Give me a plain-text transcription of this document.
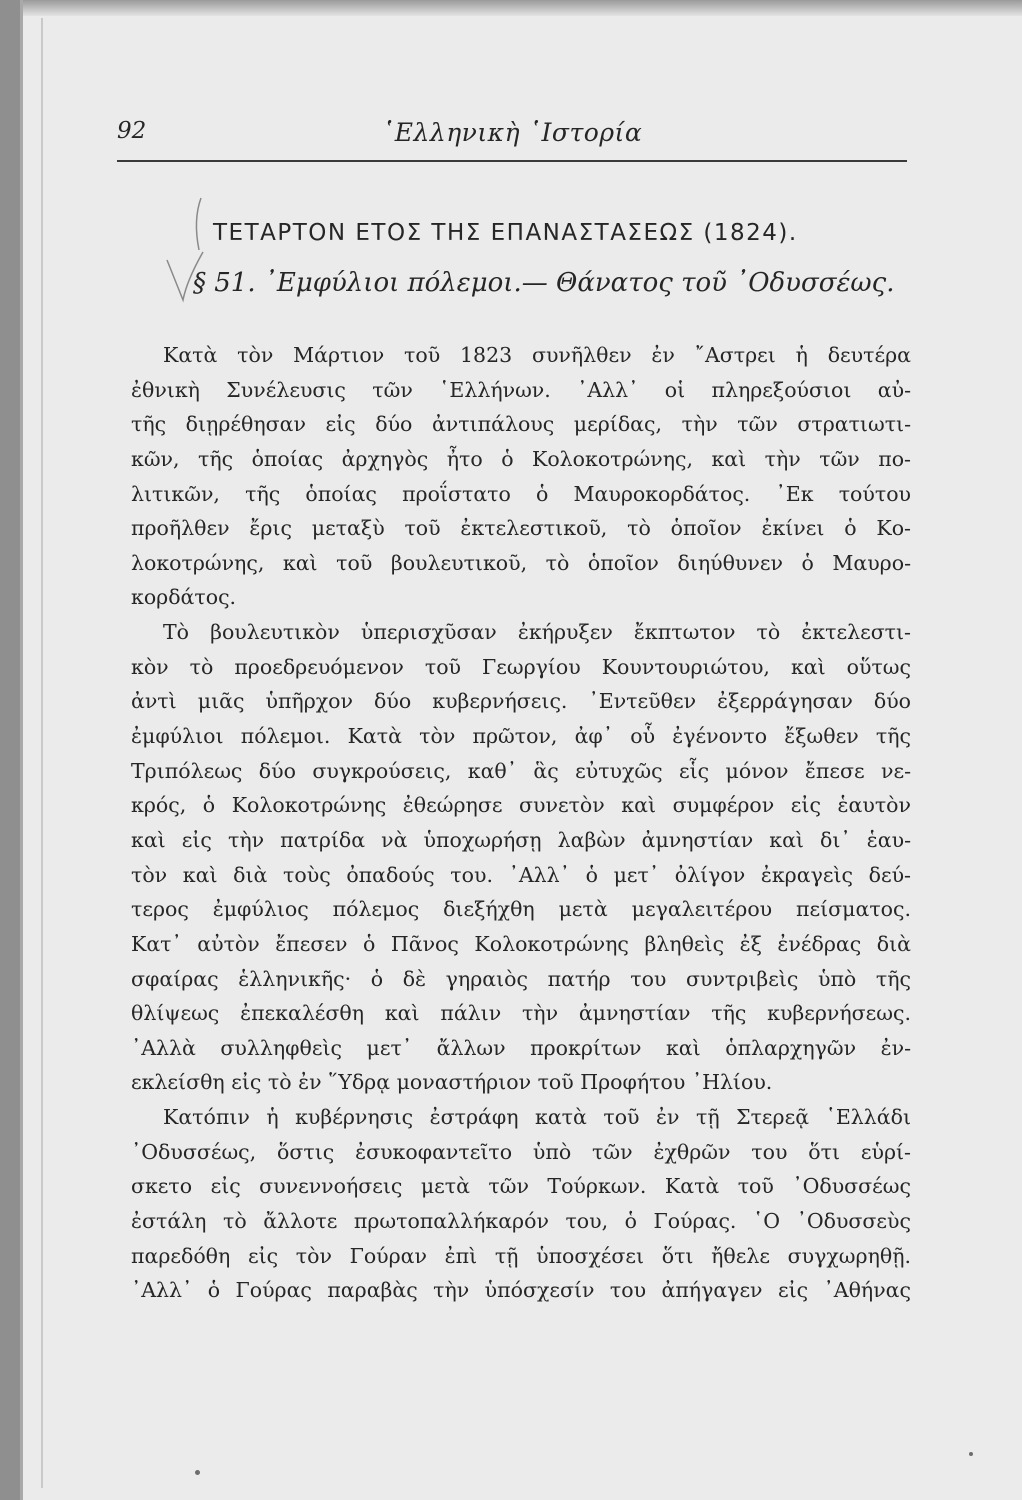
92	῾Ελληνικὴ ῾Ιστορία
ΤΕΤΑΡΤΟΝ ΕΤΟΣ ΤΗΣ ΕΠΑΝΑΣΤΑΣΕΩΣ (1824).
§ 51. ᾿Εμφύλιοι πόλεμοι.— Θάνατος τοῦ ᾿Οδυσσέως.
Κατὰ τὸν Μάρτιον τοῦ 1823 συνῆλθεν ἐν ῎Αστρει ἡ δευτέρα
ἐθνικὴ Συνέλευσις τῶν ῾Ελλήνων. ᾿Αλλ᾿ οἱ πληρεξούσιοι αὐ-
τῆς διῃρέθησαν εἰς δύο ἀντιπάλους μερίδας, τὴν τῶν στρατιωτι-
κῶν, τῆς ὁποίας ἀρχηγὸς ἦτο ὁ Κολοκοτρώνης, καὶ τὴν τῶν πο-
λιτικῶν, τῆς ὁποίας προΐστατο ὁ Μαυροκορδάτος. ᾿Εκ τούτου
προῆλθεν ἔρις μεταξὺ τοῦ ἐκτελεστικοῦ, τὸ ὁποῖον ἐκίνει ὁ Κο-
λοκοτρώνης, καὶ τοῦ βουλευτικοῦ, τὸ ὁποῖον διηύθυνεν ὁ Μαυρο-
κορδάτος.
Τὸ βουλευτικὸν ὑπερισχῦσαν ἐκήρυξεν ἔκπτωτον τὸ ἐκτελεστι-
κὸν τὸ προεδρευόμενον τοῦ Γεωργίου Κουντουριώτου, καὶ οὕτως
ἀντὶ μιᾶς ὑπῆρχον δύο κυβερνήσεις. ᾿Εντεῦθεν ἐξερράγησαν δύο
ἐμφύλιοι πόλεμοι. Κατὰ τὸν πρῶτον, ἀφ᾿ οὗ ἐγένοντο ἔξωθεν τῆς
Τριπόλεως δύο συγκρούσεις, καθ᾿ ἃς εὐτυχῶς εἷς μόνον ἔπεσε νε-
κρός, ὁ Κολοκοτρώνης ἐθεώρησε συνετὸν καὶ συμφέρον εἰς ἑαυτὸν
καὶ εἰς τὴν πατρίδα νὰ ὑποχωρήσῃ λαβὼν ἀμνηστίαν καὶ δι᾿ ἑαυ-
τὸν καὶ διὰ τοὺς ὀπαδούς του. ᾿Αλλ᾿ ὁ μετ᾿ ὀλίγον ἐκραγεὶς δεύ-
τερος ἐμφύλιος πόλεμος διεξήχθη μετὰ μεγαλειτέρου πείσματος.
Κατ᾿ αὐτὸν ἔπεσεν ὁ Πᾶνος Κολοκοτρώνης βληθεὶς ἐξ ἐνέδρας διὰ
σφαίρας ἑλληνικῆς· ὁ δὲ γηραιὸς πατήρ του συντριβεὶς ὑπὸ τῆς
θλίψεως ἐπεκαλέσθη καὶ πάλιν τὴν ἀμνηστίαν τῆς κυβερνήσεως.
᾿Αλλὰ συλληφθεὶς μετ᾿ ἄλλων προκρίτων καὶ ὁπλαρχηγῶν ἐν-
εκλείσθη εἰς τὸ ἐν ῞Υδρᾳ μοναστήριον τοῦ Προφήτου ᾿Ηλίου.
Κατόπιν ἡ κυβέρνησις ἐστράφη κατὰ τοῦ ἐν τῇ Στερεᾷ ῾Ελλάδι
᾿Οδυσσέως, ὅστις ἐσυκοφαντεῖτο ὑπὸ τῶν ἐχθρῶν του ὅτι εὑρί-
σκετο εἰς συνεννοήσεις μετὰ τῶν Τούρκων. Κατὰ τοῦ ᾿Οδυσσέως
ἐστάλη τὸ ἄλλοτε πρωτοπαλλήκαρόν του, ὁ Γούρας. ῾Ο ᾿Οδυσσεὺς
παρεδόθη εἰς τὸν Γούραν ἐπὶ τῇ ὑποσχέσει ὅτι ἤθελε συγχωρηθῇ.
᾿Αλλ᾿ ὁ Γούρας παραβὰς τὴν ὑπόσχεσίν του ἀπήγαγεν εἰς ᾿Αθήνας
